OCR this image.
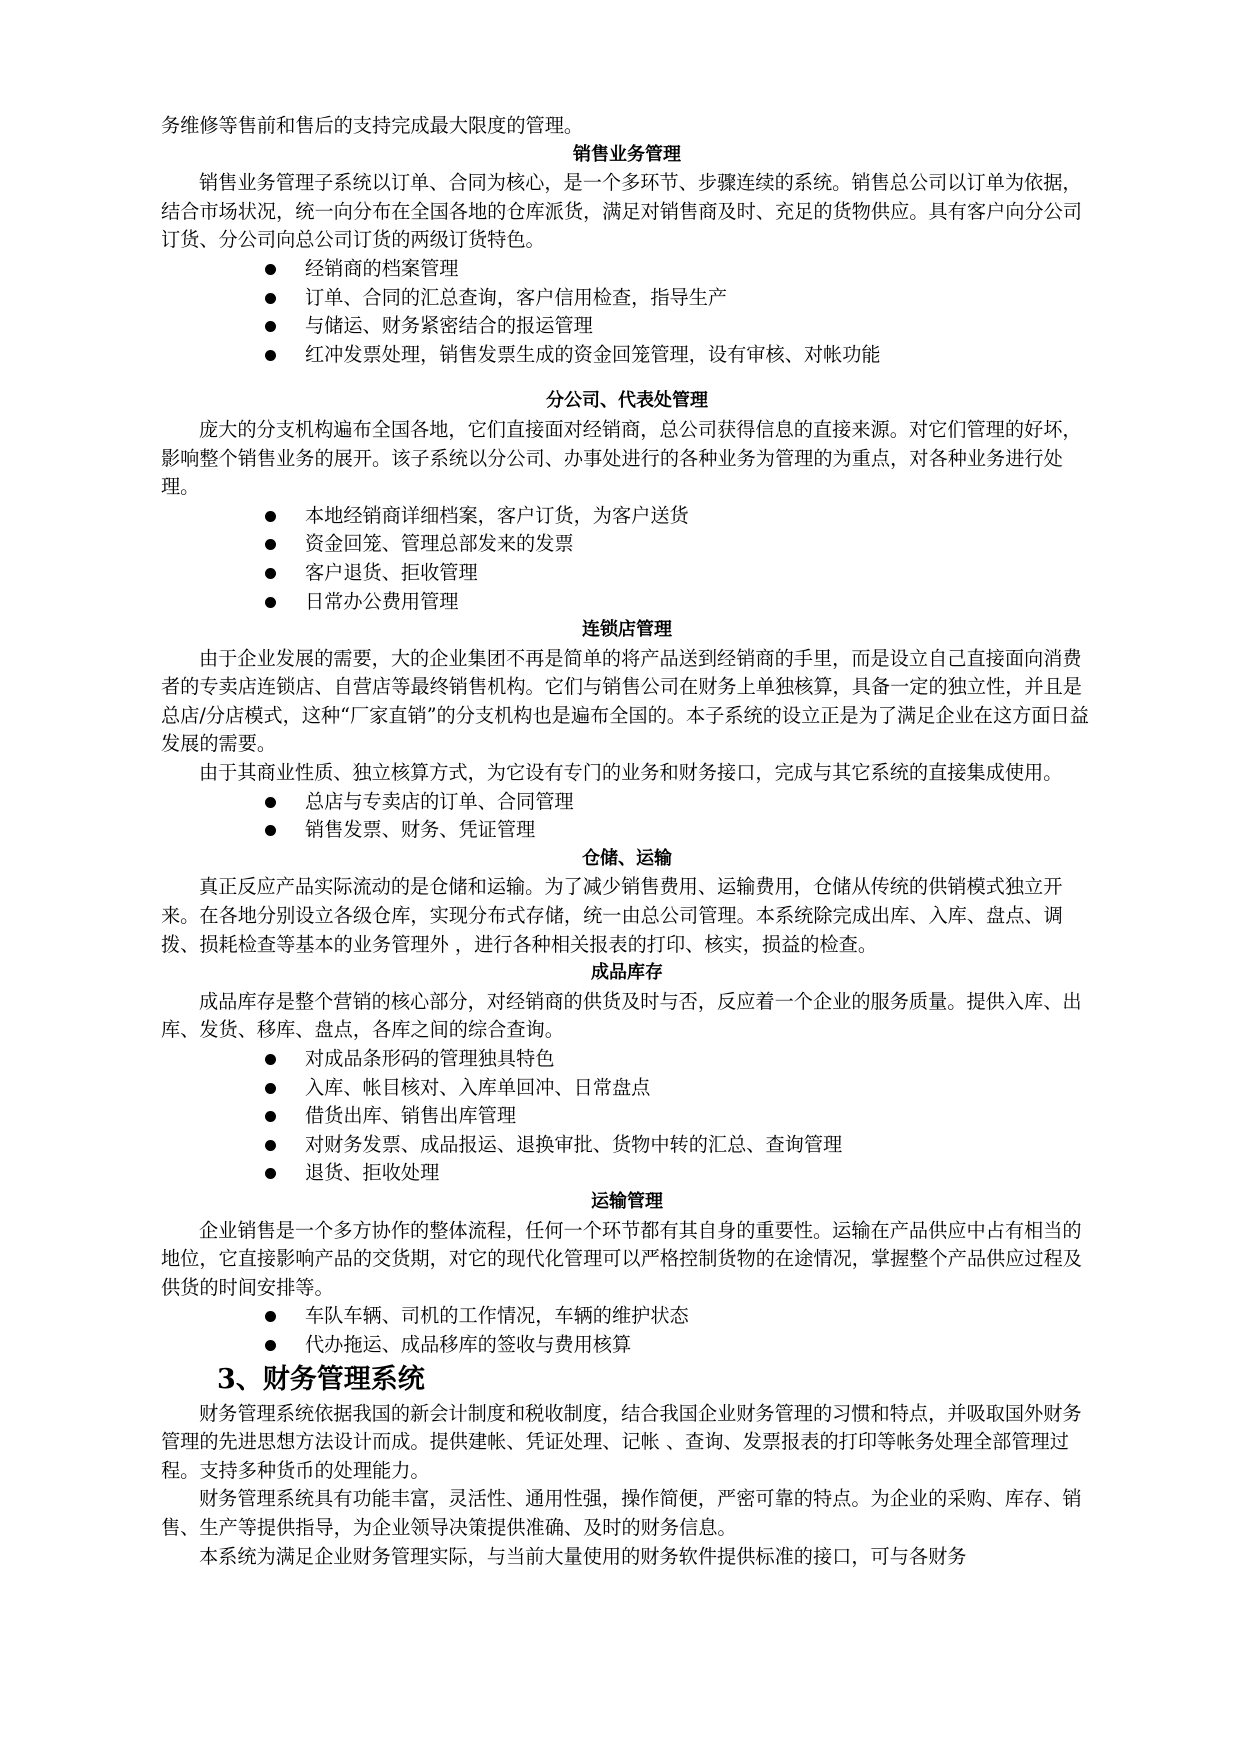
务维修等售前和售后的支持完成最大限度的管理。

销售业务管理

销售业务管理子系统以订单、合同为核心，是一个多环节、步骤连续的系统。销售总公司以订单为依据，结合市场状况，统一向分布在全国各地的仓库派货，满足对销售商及时、充足的货物供应。具有客户向分公司订货、分公司向总公司订货的两级订货特色。

经销商的档案管理
订单、合同的汇总查询，客户信用检查，指导生产
与储运、财务紧密结合的报运管理
红冲发票处理，销售发票生成的资金回笼管理，设有审核、对帐功能
分公司、代表处管理

庞大的分支机构遍布全国各地，它们直接面对经销商，总公司获得信息的直接来源。对它们管理的好坏，影响整个销售业务的展开。该子系统以分公司、办事处进行的各种业务为管理的为重点，对各种业务进行处理。

本地经销商详细档案，客户订货，为客户送货
资金回笼、管理总部发来的发票
客户退货、拒收管理
日常办公费用管理
连锁店管理

由于企业发展的需要，大的企业集团不再是简单的将产品送到经销商的手里，而是设立自己直接面向消费者的专卖店连锁店、自营店等最终销售机构。它们与销售公司在财务上单独核算，具备一定的独立性，并且是总店/分店模式，这种“厂家直销”的分支机构也是遍布全国的。本子系统的设立正是为了满足企业在这方面日益发展的需要。

由于其商业性质、独立核算方式，为它设有专门的业务和财务接口，完成与其它系统的直接集成使用。

总店与专卖店的订单、合同管理
销售发票、财务、凭证管理
仓储、运输

真正反应产品实际流动的是仓储和运输。为了减少销售费用、运输费用，仓储从传统的供销模式独立开来。在各地分别设立各级仓库，实现分布式存储，统一由总公司管理。本系统除完成出库、入库、盘点、调拨、损耗检查等基本的业务管理外 ，进行各种相关报表的打印、核实，损益的检查。

成品库存

成品库存是整个营销的核心部分，对经销商的供货及时与否，反应着一个企业的服务质量。提供入库、出库、发货、移库、盘点，各库之间的综合查询。

对成品条形码的管理独具特色
入库、帐目核对、入库单回冲、日常盘点
借货出库、销售出库管理
对财务发票、成品报运、退换审批、货物中转的汇总、查询管理
退货、拒收处理
运输管理

企业销售是一个多方协作的整体流程，任何一个环节都有其自身的重要性。运输在产品供应中占有相当的地位，它直接影响产品的交货期，对它的现代化管理可以严格控制货物的在途情况，掌握整个产品供应过程及供货的时间安排等。

车队车辆、司机的工作情况，车辆的维护状态
代办拖运、成品移库的签收与费用核算
3、财务管理系统

财务管理系统依据我国的新会计制度和税收制度，结合我国企业财务管理的习惯和特点，并吸取国外财务管理的先进思想方法设计而成。提供建帐、凭证处理、记帐 、查询、发票报表的打印等帐务处理全部管理过程。支持多种货币的处理能力。

财务管理系统具有功能丰富，灵活性、通用性强，操作简便，严密可靠的特点。为企业的采购、库存、销售、生产等提供指导，为企业领导决策提供准确、及时的财务信息。

本系统为满足企业财务管理实际，与当前大量使用的财务软件提供标准的接口，可与各财务
